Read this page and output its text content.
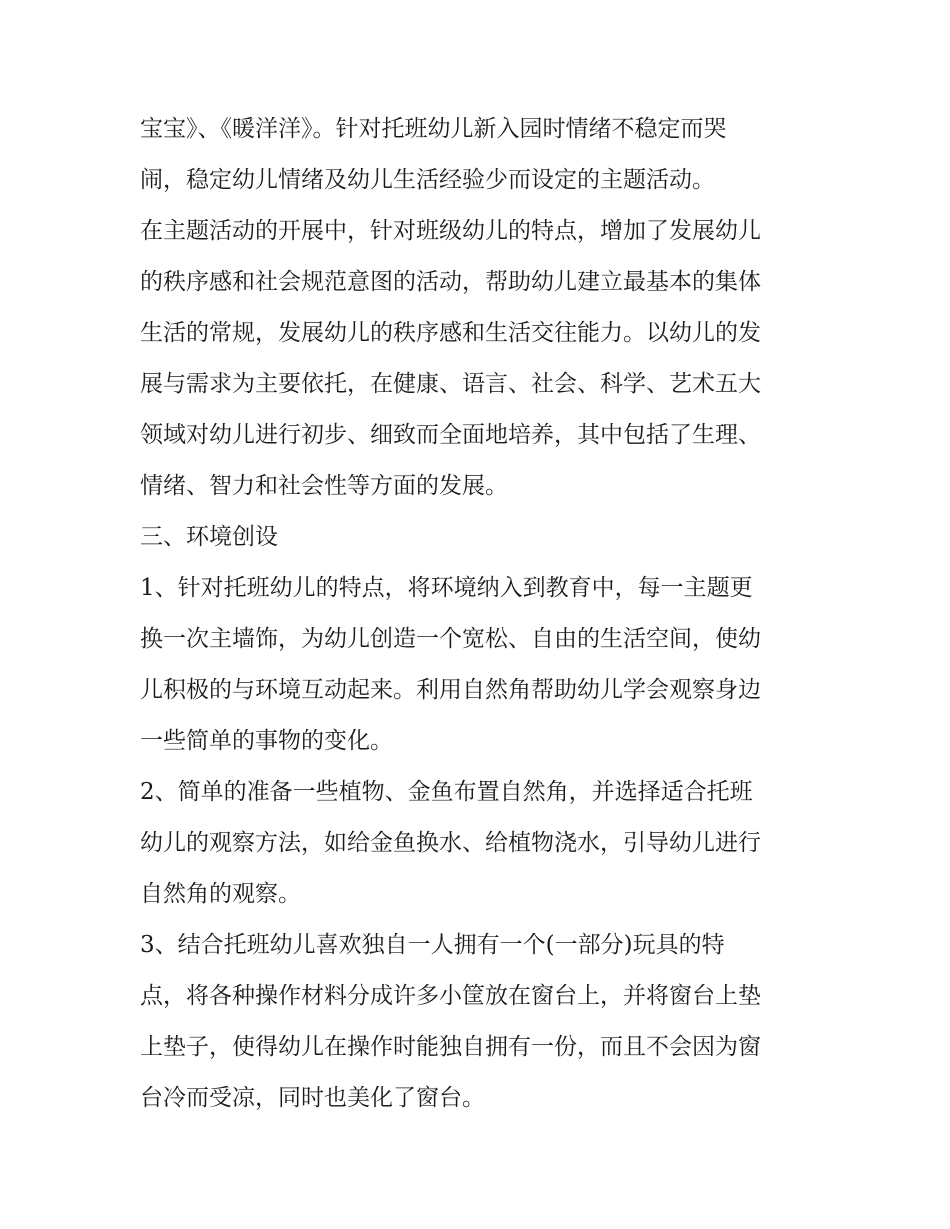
宝宝》、《暖洋洋》。针对托班幼儿新入园时情绪不稳定而哭
闹，稳定幼儿情绪及幼儿生活经验少而设定的主题活动。
在主题活动的开展中，针对班级幼儿的特点，增加了发展幼儿
的秩序感和社会规范意图的活动，帮助幼儿建立最基本的集体
生活的常规，发展幼儿的秩序感和生活交往能力。以幼儿的发
展与需求为主要依托，在健康、语言、社会、科学、艺术五大
领域对幼儿进行初步、细致而全面地培养，其中包括了生理、
情绪、智力和社会性等方面的发展。
三、环境创设
1、针对托班幼儿的特点，将环境纳入到教育中，每一主题更
换一次主墙饰，为幼儿创造一个宽松、自由的生活空间，使幼
儿积极的与环境互动起来。利用自然角帮助幼儿学会观察身边
一些简单的事物的变化。
2、简单的准备一些植物、金鱼布置自然角，并选择适合托班
幼儿的观察方法，如给金鱼换水、给植物浇水，引导幼儿进行
自然角的观察。
3、结合托班幼儿喜欢独自一人拥有一个(一部分)玩具的特
点，将各种操作材料分成许多小筐放在窗台上，并将窗台上垫
上垫子，使得幼儿在操作时能独自拥有一份，而且不会因为窗
台冷而受凉，同时也美化了窗台。
